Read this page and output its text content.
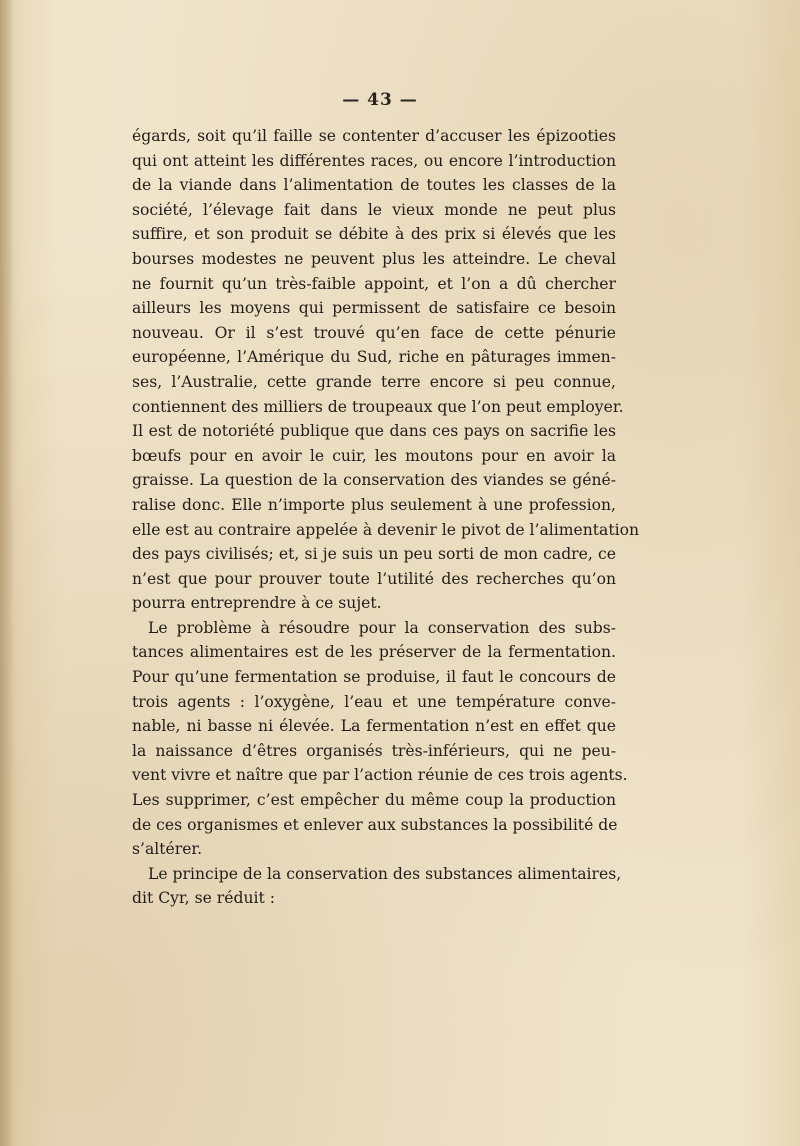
— 43 —
égards, soit qu’il faille se contenter d’accuser les épizooties
qui ont atteint les différentes races, ou encore l’introduction
de la viande dans l’alimentation de toutes les classes de la
société, l’élevage fait dans le vieux monde ne peut plus
suffire, et son produit se débite à des prix si élevés que les
bourses modestes ne peuvent plus les atteindre. Le cheval
ne fournit qu’un très-faible appoint, et l’on a dû chercher
ailleurs les moyens qui permissent de satisfaire ce besoin
nouveau. Or il s’est trouvé qu’en face de cette pénurie
européenne, l’Amérique du Sud, riche en pâturages immen-
ses, l’Australie, cette grande terre encore si peu connue,
contiennent des milliers de troupeaux que l’on peut employer.
Il est de notoriété publique que dans ces pays on sacrifie les
bœufs pour en avoir le cuir, les moutons pour en avoir la
graisse. La question de la conservation des viandes se géné-
ralise donc. Elle n’importe plus seulement à une profession,
elle est au contraire appelée à devenir le pivot de l’alimentation
des pays civilisés; et, si je suis un peu sorti de mon cadre, ce
n’est que pour prouver toute l’utilité des recherches qu’on
pourra entreprendre à ce sujet.
Le problème à résoudre pour la conservation des subs-
tances alimentaires est de les préserver de la fermentation.
Pour qu’une fermentation se produise, il faut le concours de
trois agents : l’oxygène, l’eau et une température conve-
nable, ni basse ni élevée. La fermentation n’est en effet que
la naissance d’êtres organisés très-inférieurs, qui ne peu-
vent vivre et naître que par l’action réunie de ces trois agents.
Les supprimer, c’est empêcher du même coup la production
de ces organismes et enlever aux substances la possibilité de
s’altérer.
Le principe de la conservation des substances alimentaires,
dit Cyr, se réduit :
